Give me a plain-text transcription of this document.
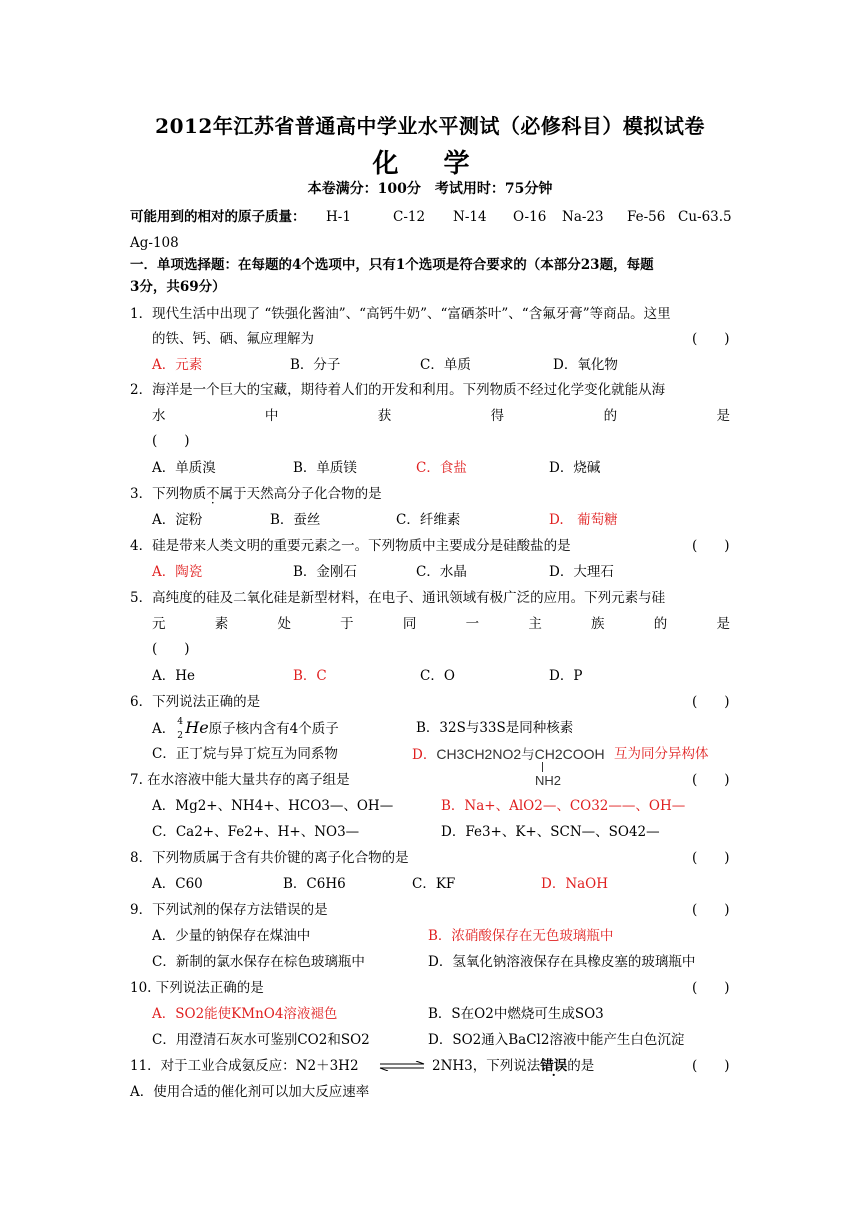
2012年江苏省普通高中学业水平测试（必修科目）模拟试卷
化 学
本卷满分：100分　考试用时：75分钟
可能用到的相对的原子质量： H-1	C-12 N-14 O-16 Na-23 Fe-56 Cu-63.5
Ag-108
一．单项选择题：在每题的4个选项中，只有1个选项是符合要求的（本部分23题，每题
3分，共69分）
1．现代生活中出现了 “铁强化酱油”、“高钙牛奶”、“富硒茶叶”、“含氟牙膏”等商品。这里
的铁、钙、硒、氟应理解为	(　　)
A．元素	B．分子	C．单质	D．氧化物
2．海洋是一个巨大的宝藏，期待着人们的开发和利用。下列物质不经过化学变化就能从海
水	中	获	得	的	是
(　　)
A．单质溴	B．单质镁	C．食盐	D．烧碱
3．下列物质不属于天然高分子化合物的是
A．淀粉	B．蚕丝	C．纤维素	D.　葡萄糖
4．硅是带来人类文明的重要元素之一。下列物质中主要成分是硅酸盐的是	(　　)
A．陶瓷	B．金刚石	C．水晶	D．大理石
5．高纯度的硅及二氧化硅是新型材料，在电子、通讯领域有极广泛的应用。下列元素与硅
元	素	处	于	同	一	主	族	的	是
(　　)
A．He	B．C	C．O	D．P
6．下列说法正确的是	(　　)
A． 4
2 He原子核内含有4个质子	B．32S与33S是同种核素
C．正丁烷与异丁烷互为同系物	D．CH3CH2NO2与CH2COOH 互为同分异构体
NH2
7. 在水溶液中能大量共存的离子组是	(　　)
A．Mg2+、NH4+、HCO3—、OH—	B．Na+、AlO2—、CO32——、OH—
C．Ca2+、Fe2+、H+、NO3—	D．Fe3+、K+、SCN—、SO42—
8．下列物质属于含有共价键的离子化合物的是	(　　)
A．C60	B．C6H6	C．KF	D．NaOH
9．下列试剂的保存方法错误的是	(　　)
A．少量的钠保存在煤油中	B．浓硝酸保存在无色玻璃瓶中
C．新制的氯水保存在棕色玻璃瓶中	D．氢氧化钠溶液保存在具橡皮塞的玻璃瓶中
10. 下列说法正确的是	(　　)
A．SO2能使KMnO4溶液褪色	B．S在O2中燃烧可生成SO3
C．用澄清石灰水可鉴别CO2和SO2	D．SO2通入BaCl2溶液中能产生白色沉淀
11．对于工业合成氨反应：N2＋3H2 ⇌ 2NH3，下列说法错误的是	(　　)
A．使用合适的催化剂可以加大反应速率
